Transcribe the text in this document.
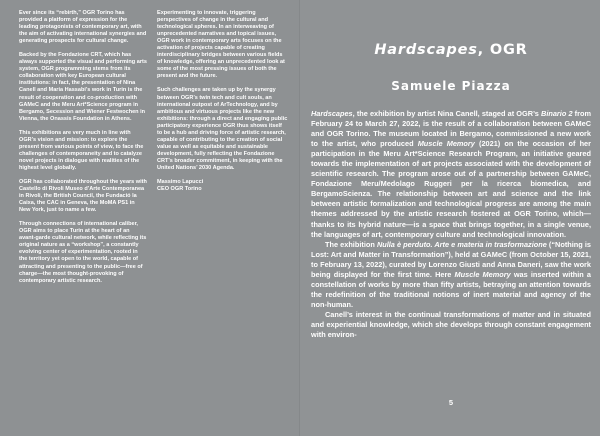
Ever since its “rebirth,” OGR Torino has provided a platform of expression for the leading protagonists of contemporary art, with the aim of activating international synergies and generating prospects for cultural change.

Backed by the Fondazione CRT, which has always supported the visual and performing arts system, OGR programming stems from its collaboration with key European cultural institutions: in fact, the presentation of Nina Canell and Maria Hassabi’s work in Turin is the result of cooperation and co-production with GAMeC and the Meru Art*Science program in Bergamo, Secession and Wiener Festwochen in Vienna, the Onassis Foundation in Athens.

This exhibitions are very much in line with OGR’s vision and mission: to explore the present from various points of view, to face the challenges of contemporaneity and to catalyze novel projects in dialogue with realities of the highest level globally.

OGR has collaborated throughout the years with Castello di Rivoli Museo d’Arte Contemporanea in Rivoli, the British Council, the Fundació la Caixa, the CAC in Geneva, the MoMA PS1 in New York, just to name a few.

Through connections of international caliber, OGR aims to place Turin at the heart of an avant-garde cultural network, while reflecting its original nature as a “workshop”, a constantly evolving center of experimentation, rooted in the territory yet open to the world, capable of attracting and presenting to the public—free of charge—the most thought-provoking of contemporary artistic research.

Experimenting to innovate, triggering perspectives of change in the cultural and technological spheres. In an interweaving of unprecedented narratives and topical issues, OGR work in contemporary arts focuses on the activation of projects capable of creating interdisciplinary bridges between various fields of knowledge, offering an unprecedented look at some of the most pressing issues of both the present and the future.

Such challenges are taken up by the synergy between OGR’s twin tech and cult souls, an international outpost of ArTechnology, and by ambitious and virtuous projects like the new exhibitions: through a direct and engaging public participatory experience OGR thus shows itself to be a hub and driving force of artistic research, capable of contributing to the creation of social value as well as equitable and sustainable development, fully reflecting the Fondazione CRT’s broader commitment, in keeping with the United Nations’ 2030 Agenda.

Massimo Lapucci
CEO OGR Torino
Hardscapes, OGR
Samuele Piazza

Hardscapes, the exhibition by artist Nina Canell, staged at OGR’s Binario 2 from February 24 to March 27, 2022, is the result of a collaboration between GAMeC and OGR Torino. The museum located in Bergamo, commissioned a new work to the artist, who produced Muscle Memory (2021) on the occasion of her participation in the Meru Art*Science Research Program, an initiative geared towards the implementation of art projects associated with the development of scientific research. The program arose out of a partnership between GAMeC, Fondazione Meru/Medolago Ruggeri per la ricerca biomedica, and BergamoScienza. The relationship between art and science and the link between artistic formalization and technological progress are among the main themes addressed by the artistic research fostered at OGR Torino, which—thanks to its hybrid nature—is a space that brings together, in a single venue, the languages of art, contemporary culture and technological innovation.

The exhibition Nulla è perduto. Arte e materia in trasformazione (“Nothing is Lost: Art and Matter in Transformation”), held at GAMeC (from October 15, 2021, to February 13, 2022), curated by Lorenzo Giusti and Anna Daneri, saw the work being displayed for the first time. Here Muscle Memory was inserted within a constellation of works by more than fifty artists, betraying an attention towards the redefinition of the traditional notions of inert material and agency of the non-human.

Canell’s interest in the continual transformations of matter and in situated and experiential knowledge, which she develops through constant engagement with environ-

5
